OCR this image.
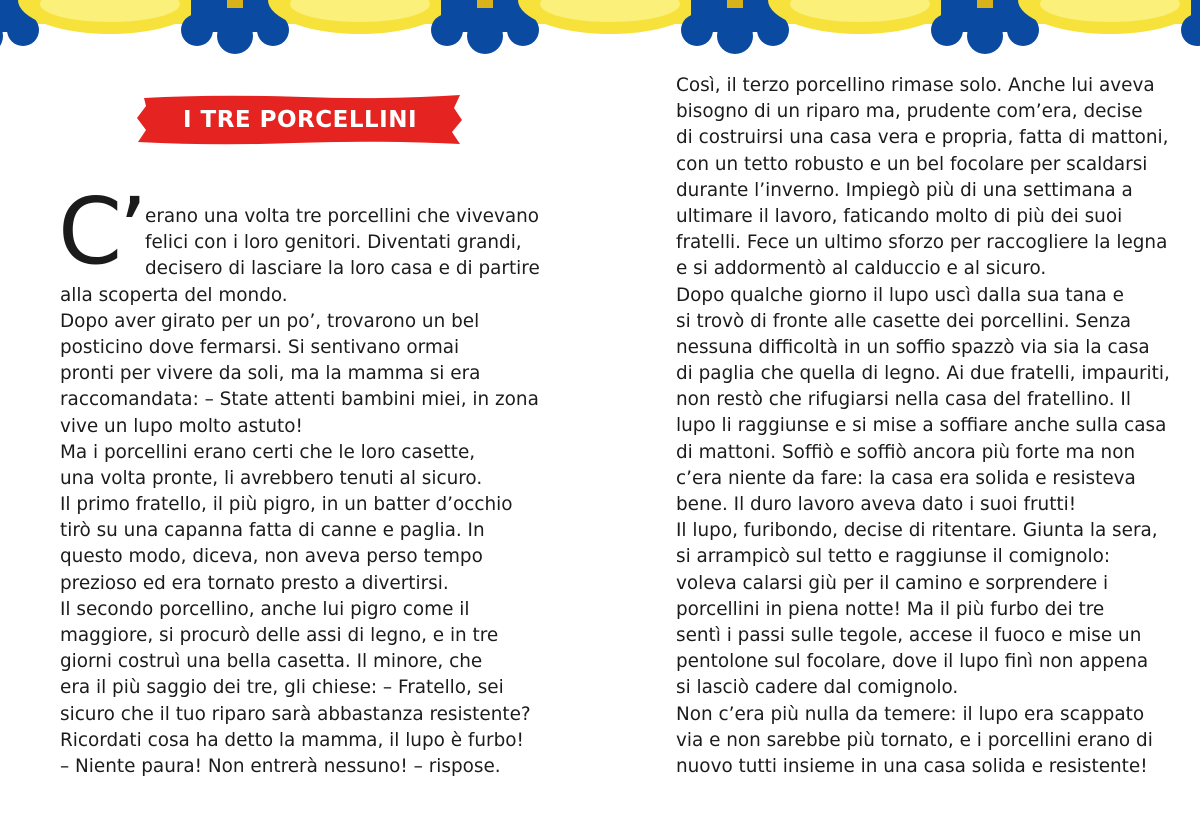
I TRE PORCELLINI
C’ erano una volta tre porcellini che vivevano
felici con i loro genitori. Diventati grandi,
decisero di lasciare la loro casa e di partire
alla scoperta del mondo.
Dopo aver girato per un po’, trovarono un bel
posticino dove fermarsi. Si sentivano ormai
pronti per vivere da soli, ma la mamma si era
raccomandata: – State attenti bambini miei, in zona
vive un lupo molto astuto!
Ma i porcellini erano certi che le loro casette,
una volta pronte, li avrebbero tenuti al sicuro.
Il primo fratello, il più pigro, in un batter d’occhio
tirò su una capanna fatta di canne e paglia. In
questo modo, diceva, non aveva perso tempo
prezioso ed era tornato presto a divertirsi.
Il secondo porcellino, anche lui pigro come il
maggiore, si procurò delle assi di legno, e in tre
giorni costruì una bella casetta. Il minore, che
era il più saggio dei tre, gli chiese: – Fratello, sei
sicuro che il tuo riparo sarà abbastanza resistente?
Ricordati cosa ha detto la mamma, il lupo è furbo!
– Niente paura! Non entrerà nessuno! – rispose.
Così, il terzo porcellino rimase solo. Anche lui aveva
bisogno di un riparo ma, prudente com’era, decise
di costruirsi una casa vera e propria, fatta di mattoni,
con un tetto robusto e un bel focolare per scaldarsi
durante l’inverno. Impiegò più di una settimana a
ultimare il lavoro, faticando molto di più dei suoi
fratelli. Fece un ultimo sforzo per raccogliere la legna
e si addormentò al calduccio e al sicuro.
Dopo qualche giorno il lupo uscì dalla sua tana e
si trovò di fronte alle casette dei porcellini. Senza
nessuna difficoltà in un soffio spazzò via sia la casa
di paglia che quella di legno. Ai due fratelli, impauriti,
non restò che rifugiarsi nella casa del fratellino. Il
lupo li raggiunse e si mise a soffiare anche sulla casa
di mattoni. Soffiò e soffiò ancora più forte ma non
c’era niente da fare: la casa era solida e resisteva
bene. Il duro lavoro aveva dato i suoi frutti!
Il lupo, furibondo, decise di ritentare. Giunta la sera,
si arrampicò sul tetto e raggiunse il comignolo:
voleva calarsi giù per il camino e sorprendere i
porcellini in piena notte! Ma il più furbo dei tre
sentì i passi sulle tegole, accese il fuoco e mise un
pentolone sul focolare, dove il lupo finì non appena
si lasciò cadere dal comignolo.
Non c’era più nulla da temere: il lupo era scappato
via e non sarebbe più tornato, e i porcellini erano di
nuovo tutti insieme in una casa solida e resistente!
